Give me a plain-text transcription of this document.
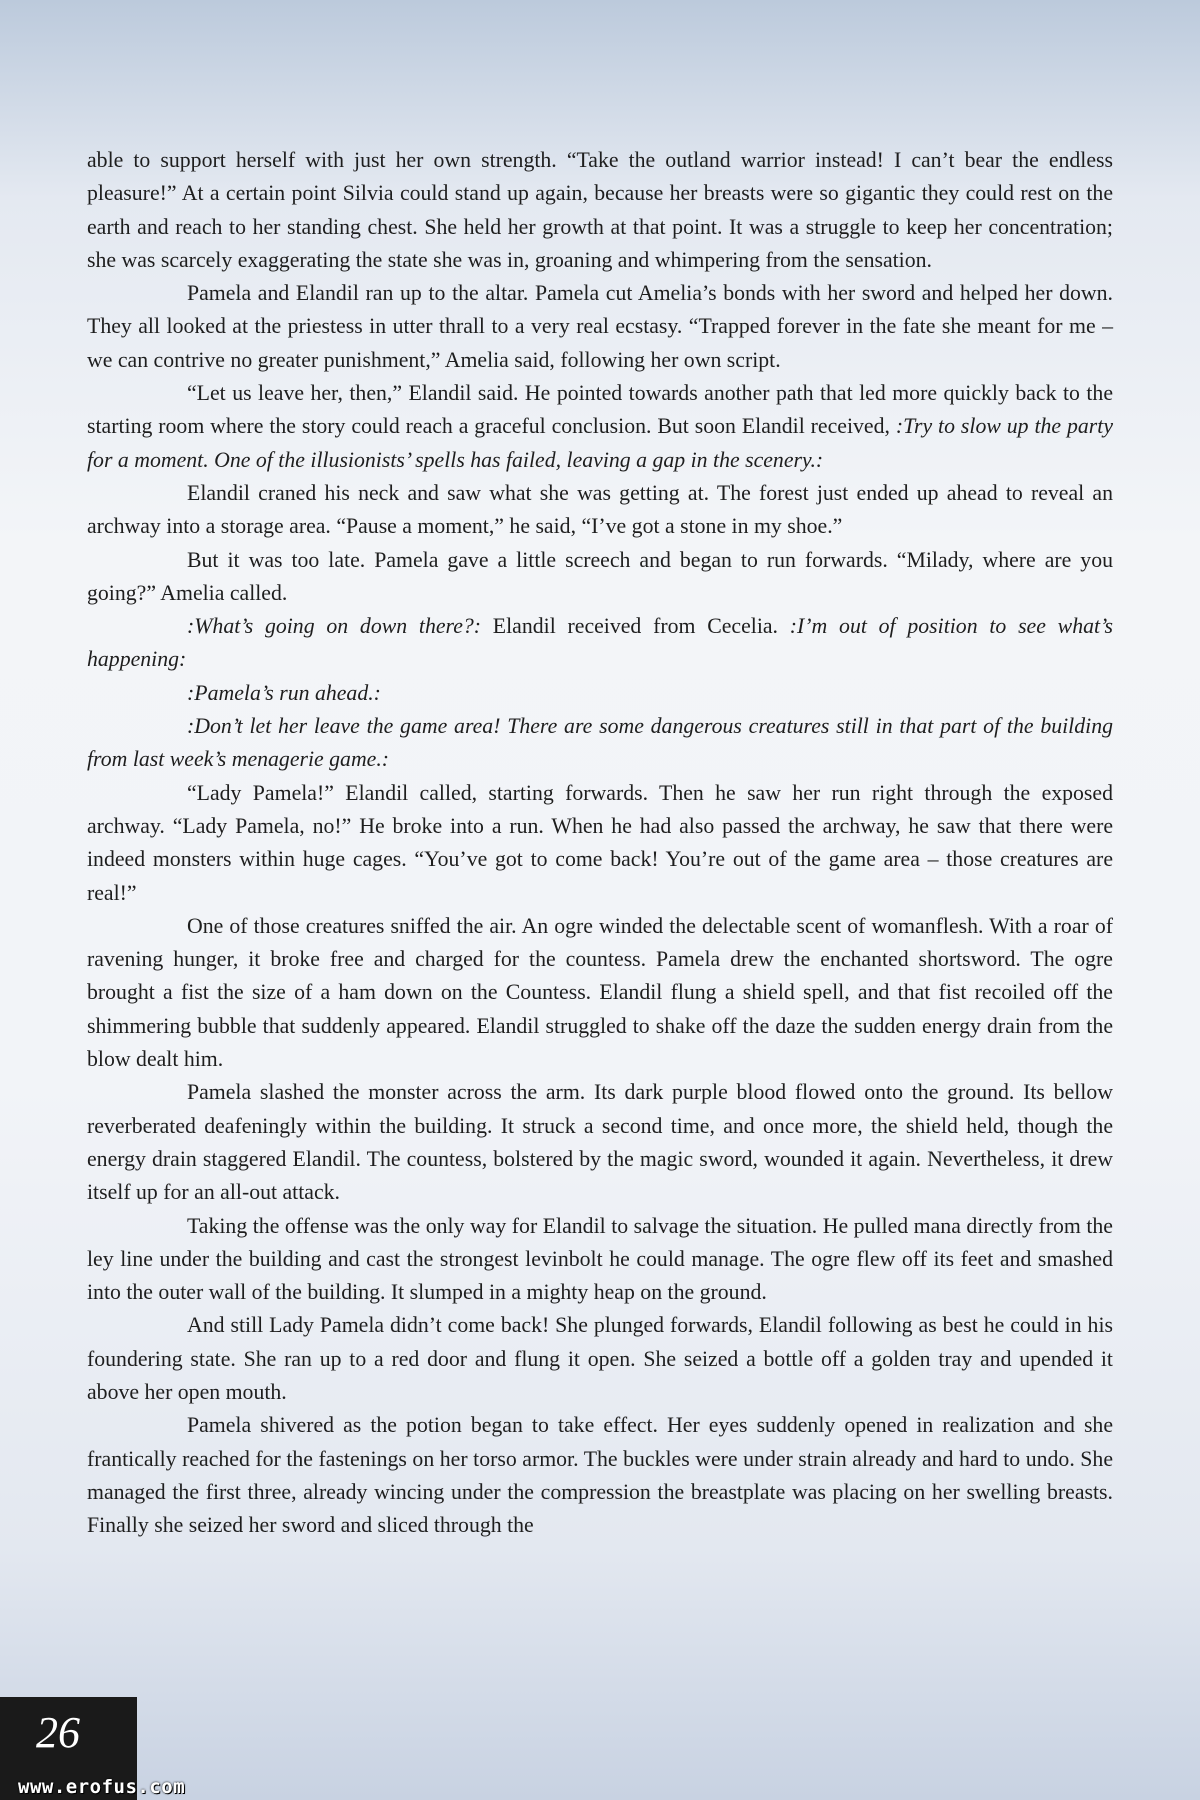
able to support herself with just her own strength. “Take the outland warrior instead! I can’t bear the endless pleasure!” At a certain point Silvia could stand up again, because her breasts were so gigantic they could rest on the earth and reach to her standing chest. She held her growth at that point. It was a struggle to keep her concentration; she was scarcely exaggerating the state she was in, groaning and whimpering from the sensation.

Pamela and Elandil ran up to the altar. Pamela cut Amelia’s bonds with her sword and helped her down. They all looked at the priestess in utter thrall to a very real ecstasy. “Trapped forever in the fate she meant for me – we can contrive no greater punishment,” Amelia said, following her own script.

“Let us leave her, then,” Elandil said. He pointed towards another path that led more quickly back to the starting room where the story could reach a graceful conclusion. But soon Elandil received, :Try to slow up the party for a moment. One of the illusionists’ spells has failed, leaving a gap in the scenery.:

Elandil craned his neck and saw what she was getting at. The forest just ended up ahead to reveal an archway into a storage area. “Pause a moment,” he said, “I’ve got a stone in my shoe.”

But it was too late. Pamela gave a little screech and began to run forwards. “Milady, where are you going?” Amelia called.

:What’s going on down there?: Elandil received from Cecelia. :I’m out of position to see what’s happening:

:Pamela’s run ahead.:

:Don’t let her leave the game area! There are some dangerous creatures still in that part of the building from last week’s menagerie game.:

“Lady Pamela!” Elandil called, starting forwards. Then he saw her run right through the exposed archway. “Lady Pamela, no!” He broke into a run. When he had also passed the archway, he saw that there were indeed monsters within huge cages. “You’ve got to come back! You’re out of the game area – those creatures are real!”

One of those creatures sniffed the air. An ogre winded the delectable scent of womanflesh. With a roar of ravening hunger, it broke free and charged for the countess. Pamela drew the enchanted shortsword. The ogre brought a fist the size of a ham down on the Countess. Elandil flung a shield spell, and that fist recoiled off the shimmering bubble that suddenly appeared. Elandil struggled to shake off the daze the sudden energy drain from the blow dealt him.

Pamela slashed the monster across the arm. Its dark purple blood flowed onto the ground. Its bellow reverberated deafeningly within the building. It struck a second time, and once more, the shield held, though the energy drain staggered Elandil. The countess, bolstered by the magic sword, wounded it again. Nevertheless, it drew itself up for an all-out attack.

Taking the offense was the only way for Elandil to salvage the situation. He pulled mana directly from the ley line under the building and cast the strongest levinbolt he could manage. The ogre flew off its feet and smashed into the outer wall of the building. It slumped in a mighty heap on the ground.

And still Lady Pamela didn’t come back! She plunged forwards, Elandil following as best he could in his foundering state. She ran up to a red door and flung it open. She seized a bottle off a golden tray and upended it above her open mouth.

Pamela shivered as the potion began to take effect. Her eyes suddenly opened in realization and she frantically reached for the fastenings on her torso armor. The buckles were under strain already and hard to undo. She managed the first three, already wincing under the compression the breastplate was placing on her swelling breasts. Finally she seized her sword and sliced through the

26
www.erofus.com
